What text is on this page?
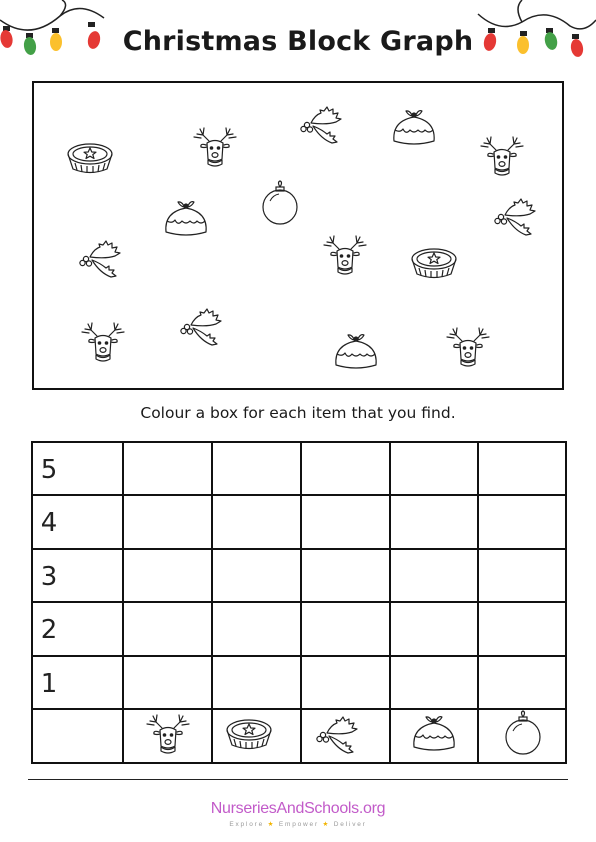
Christmas Block Graph
Colour a box for each item that you find.
5
4
3
2
1
NurseriesAndSchools.org
Explore ★ Empower ★ Deliver
